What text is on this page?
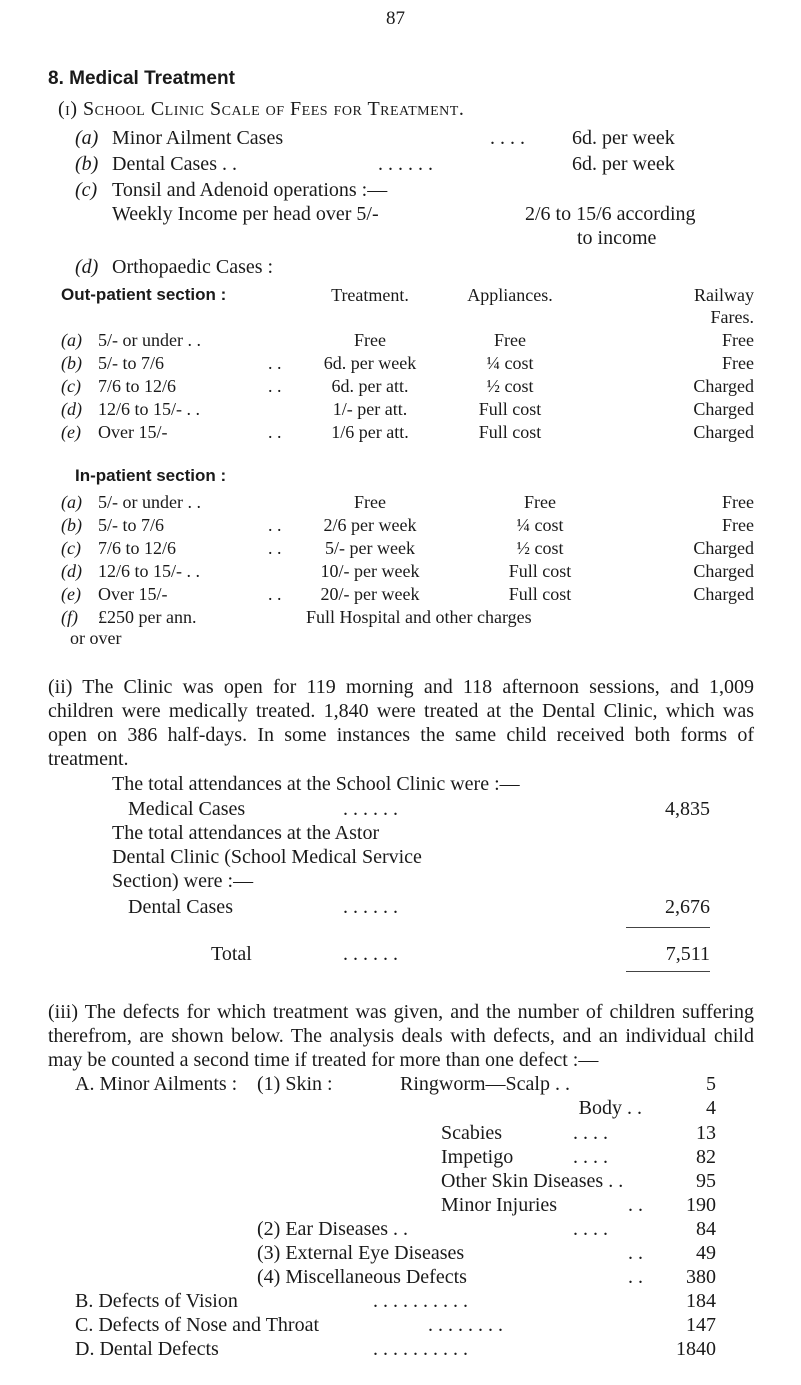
87
8. Medical Treatment
(i) School Clinic Scale of Fees for Treatment.
(a) Minor Ailment Cases	. . . . 6d. per week
(b) Dental Cases . .	. . . . . .	6d. per week
(c) Tonsil and Adenoid operations :—
Weekly Income per head over 5/-	2/6 to 15/6 according
to income
(d) Orthopaedic Cases :
Out-patient section :	Treatment.	Appliances.	Railway
Fares.
(a) 5/- or under . .	Free	Free	Free
(b) 5/- to 7/6	. .	6d. per week	¼ cost	Free
(c) 7/6 to 12/6	. .	6d. per att.	½ cost	Charged
(d) 12/6 to 15/- . .	1/- per att.	Full cost	Charged
(e) Over 15/-	. .	1/6 per att.	Full cost	Charged
In-patient section :
(a) 5/- or under . .	Free	Free	Free
(b) 5/- to 7/6	. .	2/6 per week	¼ cost	Free
(c) 7/6 to 12/6	. .	5/- per week	½ cost	Charged
(d) 12/6 to 15/- . .	10/- per week	Full cost	Charged
(e) Over 15/-	. .	20/- per week	Full cost	Charged
(f) £250 per ann.
or over
Full Hospital and other charges
(ii) The Clinic was open for 119 morning and 118 afternoon sessions, and 1,009 children were medically treated. 1,840 were treated at the Dental Clinic, which was open on 386 half-days. In some instances the same child received both forms of treatment.
The total attendances at the School Clinic were :—
Medical Cases	. . . . . .	4,835
The total attendances at the Astor
Dental Clinic (School Medical Service
Section) were :—
Dental Cases	. . . . . .	2,676
Total	. . . . . .	7,511
(iii) The defects for which treatment was given, and the number of children suffering therefrom, are shown below. The analysis deals with defects, and an individual child may be counted a second time if treated for more than one defect :—
A. Minor Ailments : (1) Skin :	Ringworm—Scalp . .	5
Body . .	4
Scabies	. . . .	13
Impetigo	. . . .	82
Other Skin Diseases . .	95
Minor Injuries	. .	190
(2) Ear Diseases . .	. . . .	84
(3) External Eye Diseases	. .	49
(4) Miscellaneous Defects	. .	380
B. Defects of Vision	. . . . . . . . . .	184
C. Defects of Nose and Throat	. . . . . . . .	147
D. Dental Defects	. . . . . . . . . .	1840
